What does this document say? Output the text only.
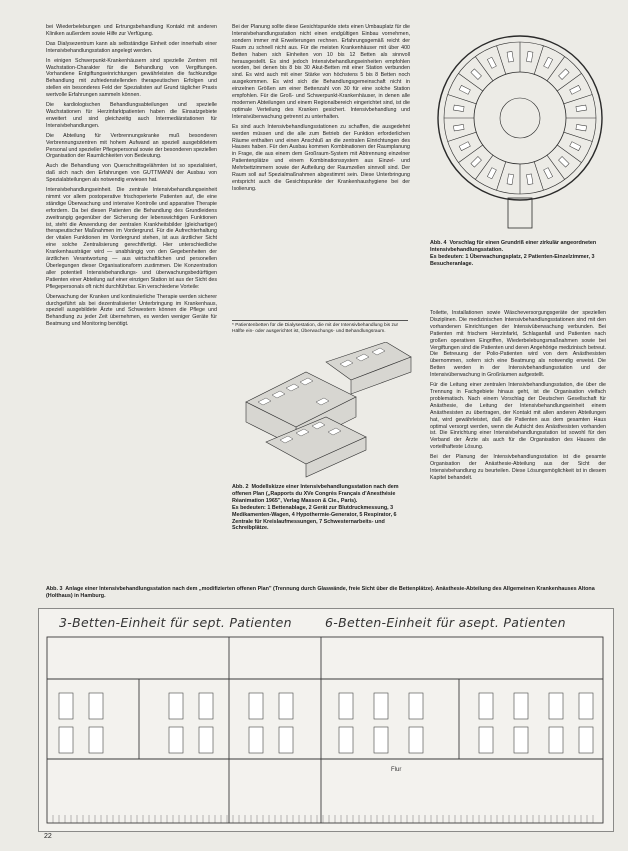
bei Wiederbelebungen und Ertrungsbehandlung Kontakt mit anderen Kliniken außerdem sowie Hilfe zur Verfügung.

Das Dialysezentrum kann als selbständige Einheit oder innerhalb einer Intensivbehandlungsstation angelegt werden.

In einigen Schwerpunkt-Krankenhäusern sind spezielle Zentren mit Wachstation-Charakter für die Behandlung von Vergiftungen. Vorhandene Entgiftungseinrichtungen gewährleisten die fachkundige Behandlung mit zufriedenstellenden therapeutischen Erfolgen und stellen ein besonderes Feld der Spezialisten auf Grund täglicher Praxis wertvolle Erfahrungen sammeln können.

Die kardiologischen Behandlungsabteilungen und spezielle Wachstationen für Herzinfarktpatienten haben die Einsatzgebiete erweitert und sind gleichzeitig auch Intermediärstationen für Intensivbehandlungen.

Die Abteilung für Verbrennungskranke muß besonderen Verbrennungszentren mit hohem Aufwand an speziell ausgebildetem Personal und spezieller Pflegepersonal sowie der besonderen speziellen Organisation der Raumlichkeiten von Bedeutung.

Auch die Behandlung von Querschnittsgelähmten ist so spezialisiert, daß sich nach den Erfahrungen von GUTTMANN der Ausbau von Spezialabteilungen als notwendig erwiesen hat.

Intensivbehandlungseinheit. Die zentrale Intensivbehandlungseinheit nimmt vor allem postoperative frischoperierte Patienten auf, die eine ständige Überwachung und intensive Kontrolle und apparative Therapie erfordern. Da bei diesen Patienten die Behandlung des Grundleidens zweitrangig gegenüber der Sicherung der lebenswichtigen Funktionen ist, steht die Anwendung der zentralen Krankheitsbilder (gleichartiger) therapeutischer Maßnahmen im Vordergrund. Für die Aufrechterhaltung der vitalen Funktionen im Vordergrund stehen, ist aus ärztlicher Sicht eine solche Zentralisierung gerechtfertigt. Hier unterschiedliche Krankenhausträger wird — unabhängig von den Gegebenheiten der ärztlichen Verantwortung — aus wirtschaftlichen und personellen Überlegungen dieser Organisationsform zustimmen. Die Konzentration aller potentiell Intensivbehandlungs- und überwachungsbedürftigen Patienten einer Abteilung auf einer einzigen Station ist aus der Sicht des Pflegepersonals oft nicht durchführbar. Ein verschiedene Vorteile:

Überwachung der Kranken und kontinuierliche Therapie werden sicherer durchgeführt als bei dezentralisierter Unterbringung im Krankenhaus, speziell ausgebildete Ärzte und Schwestern können die Pflege und Behandlung zu jeder Zeit übernehmen, es werden weniger Geräte für Beatmung und Monitoring benötigt.

Bei der Planung sollte diese Gesichtspunkte stets einen Umbauplatz für die Intensivbehandlungsstation nicht einen endgültigen Einbau vornehmen, sondern immer mit Erweiterungen rechnen. Erfahrungsgemäß reicht der Raum zu schnell nicht aus. Für die meisten Krankenhäuser mit über 400 Betten haben sich Einheiten von 10 bis 12 Betten als sinnvoll herausgestellt. Es sind jedoch Intensivbehandlungseinheiten empfohlen worden, bei denen bis 8 bis 30 Akut-Betten mit einer Station verbunden sind. Es wird auch mit einer Stärke von höchstens 5 bis 8 Betten noch ausgekommen. Es wird sich die Behandlungsgemeinschaft nicht in einzelnen Größen am einer Bettenzahl von 30 für eine solche Station empfohlen. Für die Groß- und Schwerpunkt-Krankenhäuser, in denen alle modernen Abteilungen und einem Regionalbereich eingerichtet sind, ist die optimale Verteilung des Kranken gesichert. Intensivbehandlung und Intensivüberwachung getrennt zu unterhalten.

Es sind auch Intensivbehandlungsstationen zu schaffen, die ausgedehnt werden müssen und die alle zum Betrieb der Funktion erforderlichen Räume enthalten und einen Anschluß an die zentralen Einrichtungen des Hauses haben. Für den Ausbau kommen Kombinationen der Raumplanung in Frage, die aus einem dem Großraum-System mit Abtrennung einzelner Patientenplätze und einem Kombinationssystem aus Einzel- und Mehrbettzimmern sowie der Aufteilung der Raumzellen sinnvoll sind. Der Raum soll auf Spezialmaßnahmen abgestimmt sein. Diese Unterbringung entspricht auch die Gesichtspunkte der Krankenhaushygiene bei der Isolierung.

* Patientenbetten für die Dialysestation, die mit der Intensivbehandlung bis zur Hälfte ein- oder ausgerichtet ist, Überwachungs- und Behandlungsraum.

Toilette, Installationen sowie Wäscheversorgungsgeräte der speziellen Disziplinen. Die medizinischen Intensivbehandlungsstationen sind mit den vorhandenen Einrichtungen der Intensivüberwachung verbunden. Bei Patienten mit frischem Herzinfarkt, Schlaganfall und Patienten nach großen operativen Eingriffen, Wiederbelebungsmaßnahmen sowie bei Vergiftungen sind die Patienten und deren Angehörige medizinisch betreut. Die Betreuung der Polio-Patienten wird von dem Anästhesisten übernommen, sofern sich eine Beatmung als notwendig erweist. Die Betten werden in der Intensivbehandlungsstation und der Intensivüberwachung in Großräumen aufgestellt.

Für die Leitung einer zentralen Intensivbehandlungsstation, die über die Trennung in Fachgebiete hinaus geht, ist die Organisation vielfach problematisch. Nach einem Vorschlag der Deutschen Gesellschaft für Anästhesie, die Leitung der Intensivbehandlungseinheit einem Anästhesisten zu übertragen, der Kontakt mit allen anderen Abteilungen hat, wird gewährleistet, daß die Patienten aus dem gesamten Haus optimal versorgt werden, wenn die Aufsicht des Anästhesisten vorhanden ist. Die Einrichtung einer Intensivbehandlungsstation ist sowohl für den Verband der Ärzte als auch für die Organisation des Hauses die vorteilhafteste Lösung.

Bei der Planung der Intensivbehandlungsstation ist die gesamte Organisation der Anästhesie-Abteilung aus der Sicht der Intensivbehandlung zu beurteilen. Diese Lösungsmöglichkeit ist in diesem Kapitel behandelt.

Abb. 4 Vorschlag für einen Grundriß einer zirkulär angeordneten Intensivbehandlungsstation.
Es bedeuten: 1 Überwachungsplatz, 2 Patienten-Einzelzimmer, 3 Besucheranlage.
Abb. 2 Modellskizze einer Intensivbehandlungsstation nach dem offenen Plan („Rapports du XVe Congrès Français d'Anesthésie Réanimation 1965", Verlag Masson & Cie., Paris).
Es bedeuten: 1 Bettenablage, 2 Gerät zur Blutdruckmessung, 3 Medikamenten-Wagen, 4 Hypothermie-Generator, 5 Respirator, 6 Zentrale für Kreislaufmessungen, 7 Schwesternarbeits- und Schreibplätze.
Abb. 3 Anlage einer Intensivbehandlungsstation nach dem „modifizierten offenen Plan" (Trennung durch Glaswände, freie Sicht über die Bettenplätze). Anästhesie-Abteilung des Allgemeinen Krankenhauses Altona (Holthaus) in Hamburg.
3-Betten-Einheit für sept. Patienten	6-Betten-Einheit für asept. Patienten
Flur
22
